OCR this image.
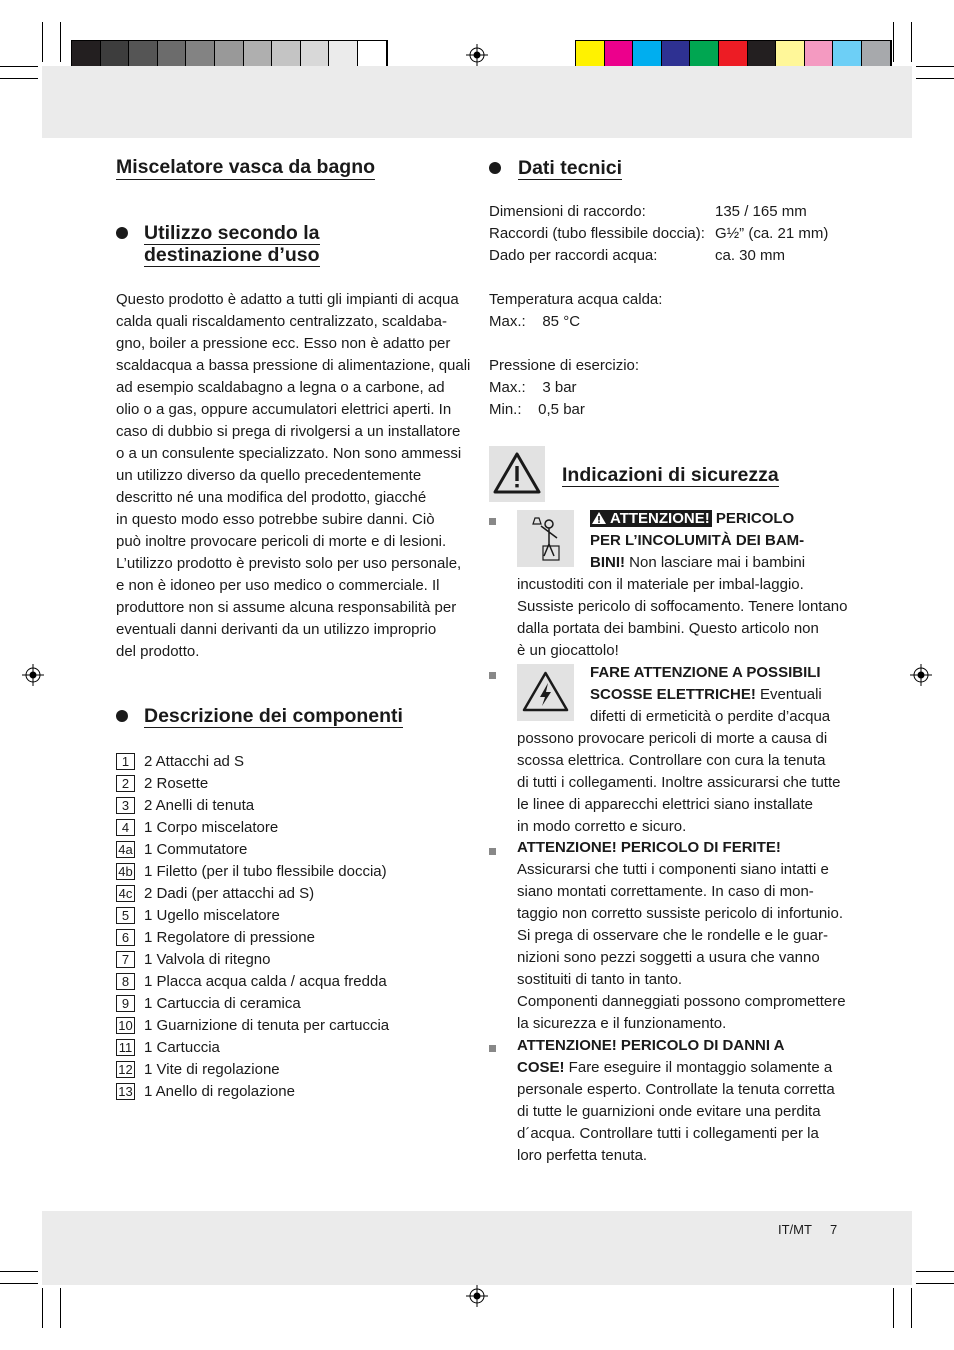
Miscelatore vasca da bagno
Utilizzo secondo la
destinazione d’uso
Questo prodotto è adatto a tutti gli impianti di acqua
calda quali riscaldamento centralizzato, scaldaba-
gno, boiler a pressione ecc. Esso non è adatto per
scaldacqua a bassa pressione di alimentazione, quali
ad esempio scaldabagno a legna o a carbone, ad
olio o a gas, oppure accumulatori elettrici aperti. In
caso di dubbio si prega di rivolgersi a un installatore
o a un consulente specializzato. Non sono ammessi
un utilizzo diverso da quello precedentemente
descritto né una modifica del prodotto, giacché
in questo modo esso potrebbe subire danni. Ciò
può inoltre provocare pericoli di morte e di lesioni.
L’utilizzo prodotto è previsto solo per uso personale,
e non è idoneo per uso medico o commerciale. Il
produttore non si assume alcuna responsabilità per
eventuali danni derivanti da un utilizzo improprio
del prodotto.
Descrizione dei componenti
1 2 Attacchi ad S
2 2 Rosette
3 2 Anelli di tenuta
4 1 Corpo miscelatore
4a 1 Commutatore
4b 1 Filetto (per il tubo flessibile doccia)
4c 2 Dadi (per attacchi ad S)
5 1 Ugello miscelatore
6 1 Regolatore di pressione
7 1 Valvola di ritegno
8 1 Placca acqua calda / acqua fredda
9 1 Cartuccia di ceramica
10 1 Guarnizione di tenuta per cartuccia
11 1 Cartuccia
12 1 Vite di regolazione
13 1 Anello di regolazione
Dati tecnici
Dimensioni di raccordo:	135 / 165 mm
Raccordi (tubo flessibile doccia): G½” (ca. 21 mm)
Dado per raccordi acqua:	ca. 30 mm
Temperatura acqua calda:
Max.:    85 °C
Pressione di esercizio:
Max.:    3 bar
Min.:    0,5 bar
Indicazioni di sicurezza
ATTENZIONE! PERICOLO
PER L’INCOLUMITÀ DEI BAM-
BINI! Non lasciare mai i bambini
incustoditi con il materiale per imbal-laggio.
Sussiste pericolo di soffocamento. Tenere lontano
dalla portata dei bambini. Questo articolo non
è un giocattolo!
FARE ATTENZIONE A POSSIBILI
SCOSSE ELETTRICHE! Eventuali
difetti di ermeticità o perdite d’acqua
possono provocare pericoli di morte a causa di
scossa elettrica. Controllare con cura la tenuta
di tutti i collegamenti. Inoltre assicurarsi che tutte
le linee di apparecchi elettrici siano installate
in modo corretto e sicuro.
ATTENZIONE! PERICOLO DI FERITE!
Assicurarsi che tutti i componenti siano intatti e
siano montati correttamente. In caso di mon-
taggio non corretto sussiste pericolo di infortunio.
Si prega di osservare che le rondelle e le guar-
nizioni sono pezzi soggetti a usura che vanno
sostituiti di tanto in tanto.
Componenti danneggiati possono compromettere
la sicurezza e il funzionamento.
ATTENZIONE! PERICOLO DI DANNI A
COSE! Fare eseguire il montaggio solamente a
personale esperto. Controllate la tenuta corretta
di tutte le guarnizioni onde evitare una perdita
d´acqua. Controllare tutti i collegamenti per la
loro perfetta tenuta.
IT/MT 7
